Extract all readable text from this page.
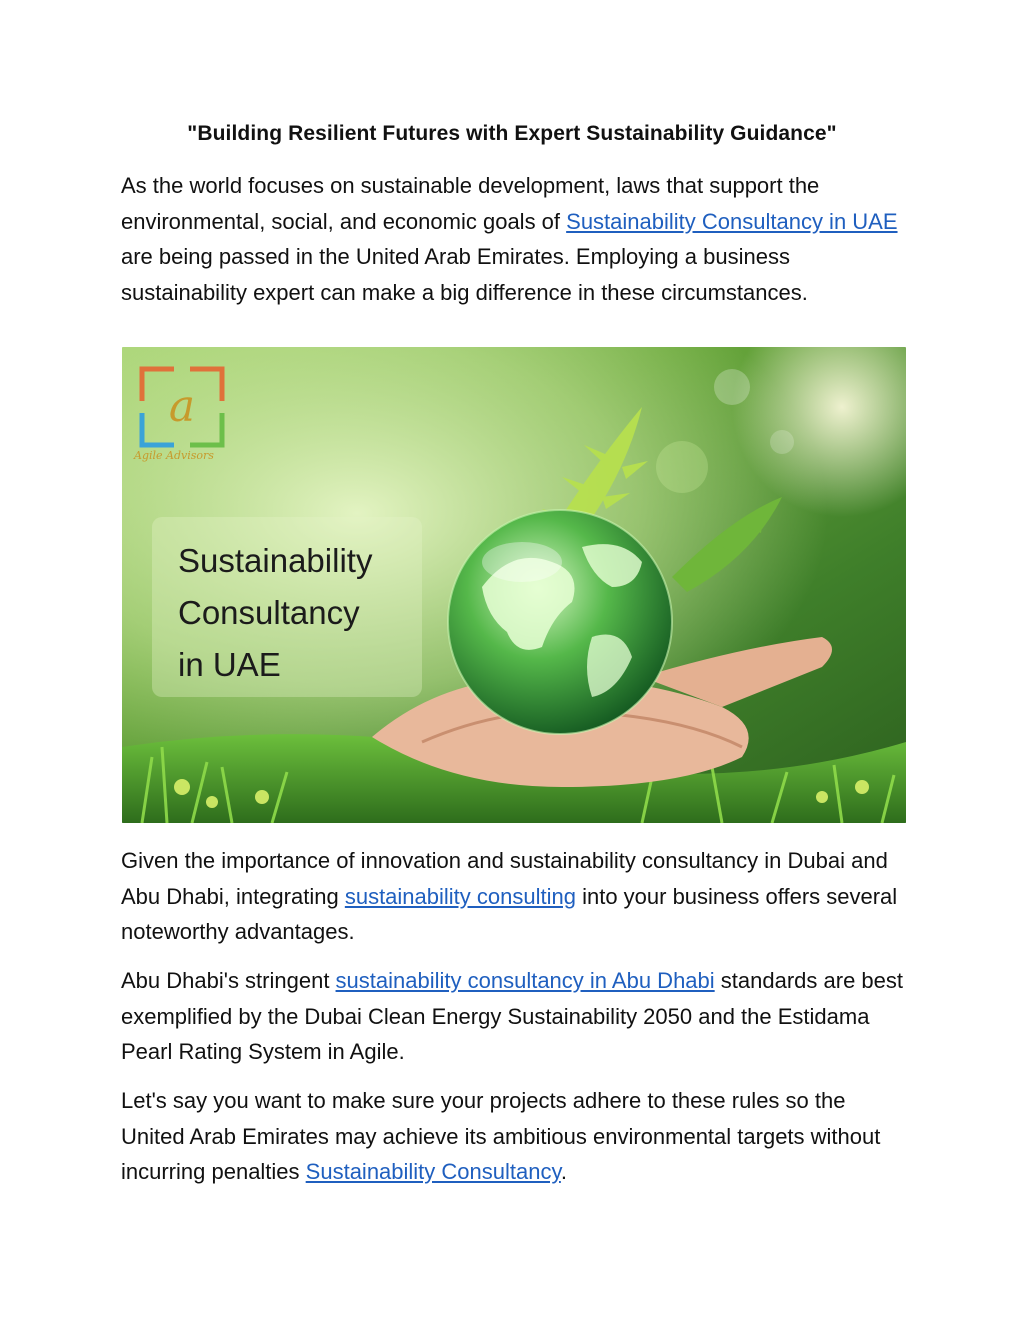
"Building Resilient Futures with Expert Sustainability Guidance"

As the world focuses on sustainable development, laws that support the environmental, social, and economic goals of Sustainability Consultancy in UAE are being passed in the United Arab Emirates. Employing a business sustainability expert can make a big difference in these circumstances.

a
Agile Advisors
Sustainability
Consultancy
in UAE

Given the importance of innovation and sustainability consultancy in Dubai and Abu Dhabi, integrating sustainability consulting into your business offers several noteworthy advantages.

Abu Dhabi's stringent sustainability consultancy in Abu Dhabi standards are best exemplified by the Dubai Clean Energy Sustainability 2050 and the Estidama Pearl Rating System in Agile.

Let's say you want to make sure your projects adhere to these rules so the United Arab Emirates may achieve its ambitious environmental targets without incurring penalties Sustainability Consultancy.
